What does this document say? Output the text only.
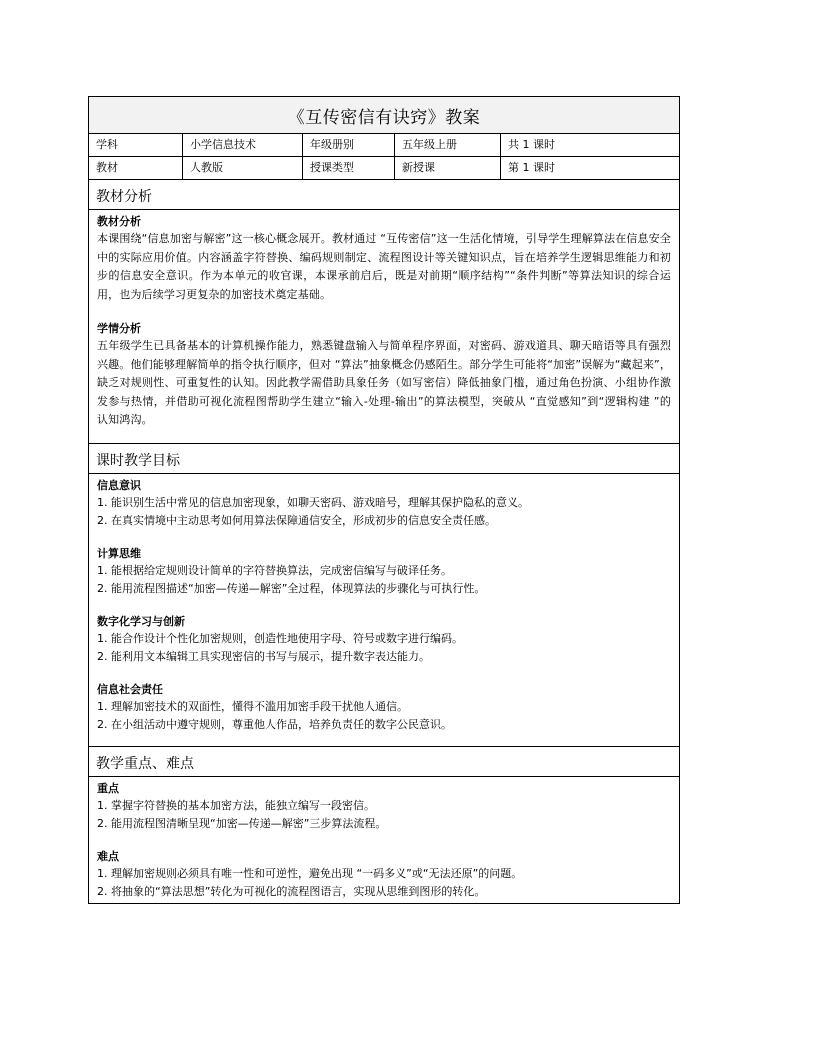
《互传密信有诀窍》教案
学科	小学信息技术	年级册别	五年级上册	共 1 课时
教材	人教版	授课类型	新授课	第 1 课时
教材分析
教材分析
本课围绕“信息加密与解密”这一核心概念展开。教材通过 “互传密信”这一生活化情境，引导学生理解算法在信息安全中的实际应用价值。内容涵盖字符替换、编码规则制定、流程图设计等关键知识点，旨在培养学生逻辑思维能力和初步的信息安全意识。作为本单元的收官课，本课承前启后，既是对前期“顺序结构”“条件判断”等算法知识的综合运用，也为后续学习更复杂的加密技术奠定基础。
学情分析
五年级学生已具备基本的计算机操作能力，熟悉键盘输入与简单程序界面，对密码、游戏道具、聊天暗语等具有强烈兴趣。他们能够理解简单的指令执行顺序，但对 “算法”抽象概念仍感陌生。部分学生可能将“加密”误解为“藏起来”，缺乏对规则性、可重复性的认知。因此教学需借助具象任务（如写密信）降低抽象门槛，通过角色扮演、小组协作激发参与热情，并借助可视化流程图帮助学生建立“输入-处理-输出”的算法模型，突破从 “直觉感知”到“逻辑构建 ”的认知鸿沟。
课时教学目标
信息意识
1. 能识别生活中常见的信息加密现象，如聊天密码、游戏暗号，理解其保护隐私的意义。
2. 在真实情境中主动思考如何用算法保障通信安全，形成初步的信息安全责任感。
计算思维
1. 能根据给定规则设计简单的字符替换算法，完成密信编写与破译任务。
2. 能用流程图描述“加密—传递—解密”全过程，体现算法的步骤化与可执行性。
数字化学习与创新
1. 能合作设计个性化加密规则，创造性地使用字母、符号或数字进行编码。
2. 能利用文本编辑工具实现密信的书写与展示，提升数字表达能力。
信息社会责任
1. 理解加密技术的双面性，懂得不滥用加密手段干扰他人通信。
2. 在小组活动中遵守规则，尊重他人作品，培养负责任的数字公民意识。
教学重点、难点
重点
1. 掌握字符替换的基本加密方法，能独立编写一段密信。
2. 能用流程图清晰呈现“加密—传递—解密”三步算法流程。
难点
1. 理解加密规则必须具有唯一性和可逆性，避免出现 “一码多义”或“无法还原”的问题。
2. 将抽象的“算法思想”转化为可视化的流程图语言，实现从思维到图形的转化。
